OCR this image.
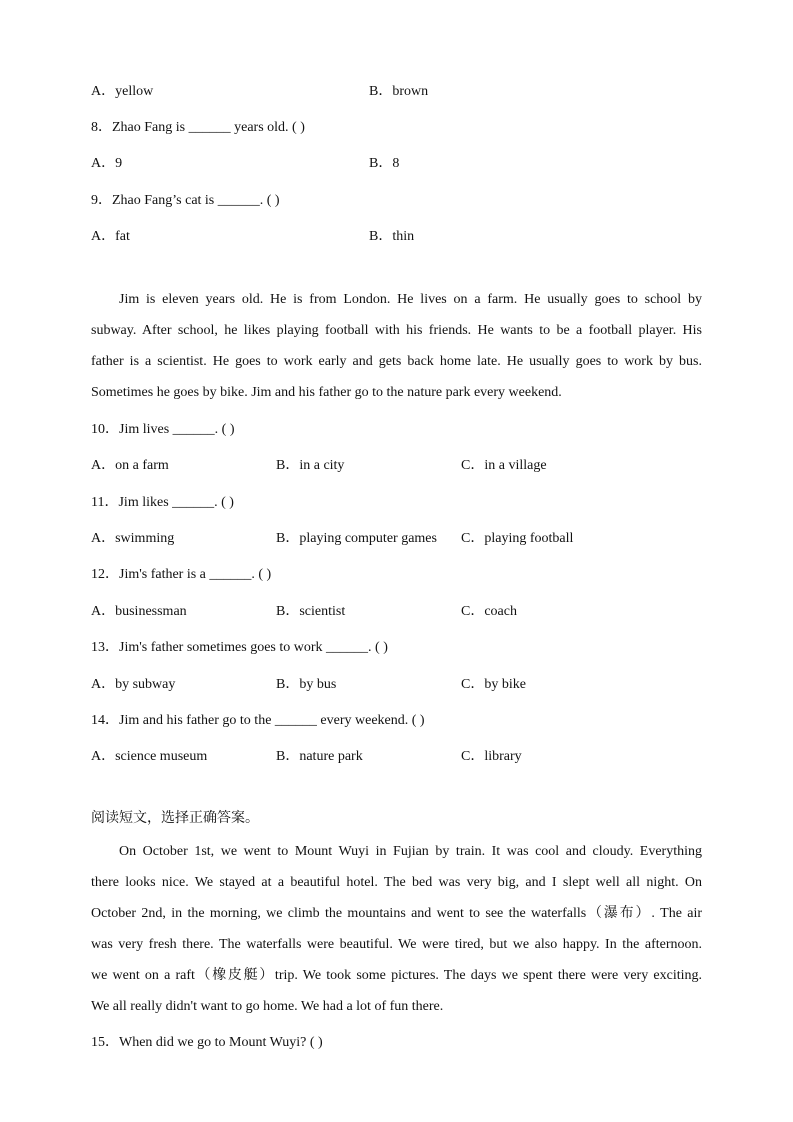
A．yellow	B．brown
8．Zhao Fang is ______ years old. ( )
A．9	B．8
9．Zhao Fang’s cat is ______. ( )
A．fat	B．thin
Jim is eleven years old. He is from London. He lives on a farm. He usually goes to school by
subway. After school, he likes playing football with his friends. He wants to be a football player. His
father is a scientist. He goes to work early and gets back home late. He usually goes to work by bus.
Sometimes he goes by bike. Jim and his father go to the nature park every weekend.
10．Jim lives ______. ( )
A．on a farm	B．in a city	C．in a village
11．Jim likes ______. ( )
A．swimming	B．playing computer games C．playing football
12．Jim's father is a ______. ( )
A．businessman	B．scientist	C．coach
13．Jim's father sometimes goes to work ______. ( )
A．by subway	B．by bus	C．by bike
14．Jim and his father go to the ______ every weekend. ( )
A．science museum	B．nature park	C．library
阅读短文，选择正确答案。
On October 1st, we went to Mount Wuyi in Fujian by train. It was cool and cloudy. Everything
there looks nice. We stayed at a beautiful hotel. The bed was very big, and I slept well all night. On
October 2nd, in the morning, we climb the mountains and went to see the waterfalls（瀑布）. The air
was very fresh there. The waterfalls were beautiful. We were tired, but we also happy. In the afternoon.
we went on a raft（橡皮艇）trip. We took some pictures. The days we spent there were very exciting.
We all really didn't want to go home. We had a lot of fun there.
15．When did we go to Mount Wuyi? ( )
